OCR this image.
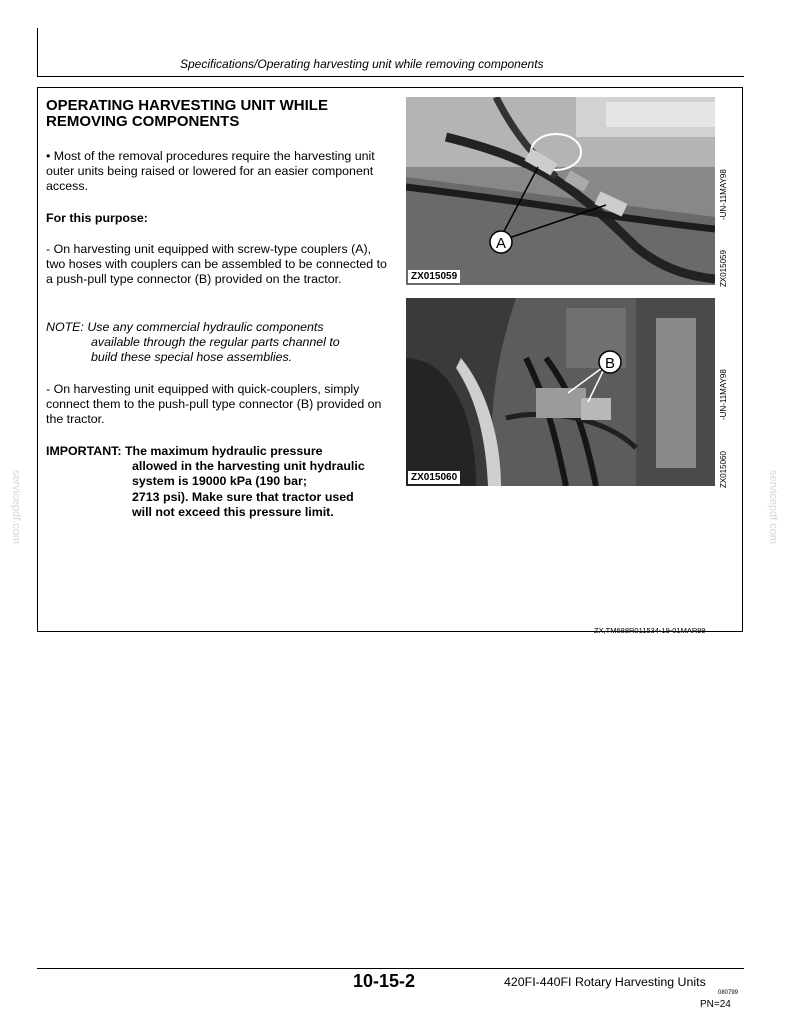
Specifications/Operating harvesting unit while removing components
OPERATING HARVESTING UNIT WHILE REMOVING COMPONENTS
• Most of the removal procedures require the harvesting unit outer units being raised or lowered for an easier component access.
For this purpose:
- On harvesting unit equipped with screw-type couplers (A), two hoses with couplers can be assembled to be connected to a push-pull type connector (B) provided on the tractor.
NOTE: Use any commercial hydraulic components
available through the regular parts channel to
build these special hose assemblies.
- On harvesting unit equipped with quick-couplers, simply connect them to the push-pull type connector (B) provided on the tractor.
IMPORTANT: The maximum hydraulic pressure
allowed in the harvesting unit hydraulic
system is 19000 kPa (190 bar;
2713 psi). Make sure that tractor used
will not exceed this pressure limit.
A
ZX015059	ZX015059
-UN-11MAY98
B
ZX015060	ZX015060
-UN-11MAY98
ZX,TM688R011534-19-01MAR99
servicepdf.com	servicepdf.com
10-15-2	420FI-440FI Rotary Harvesting Units
080799
PN=24
